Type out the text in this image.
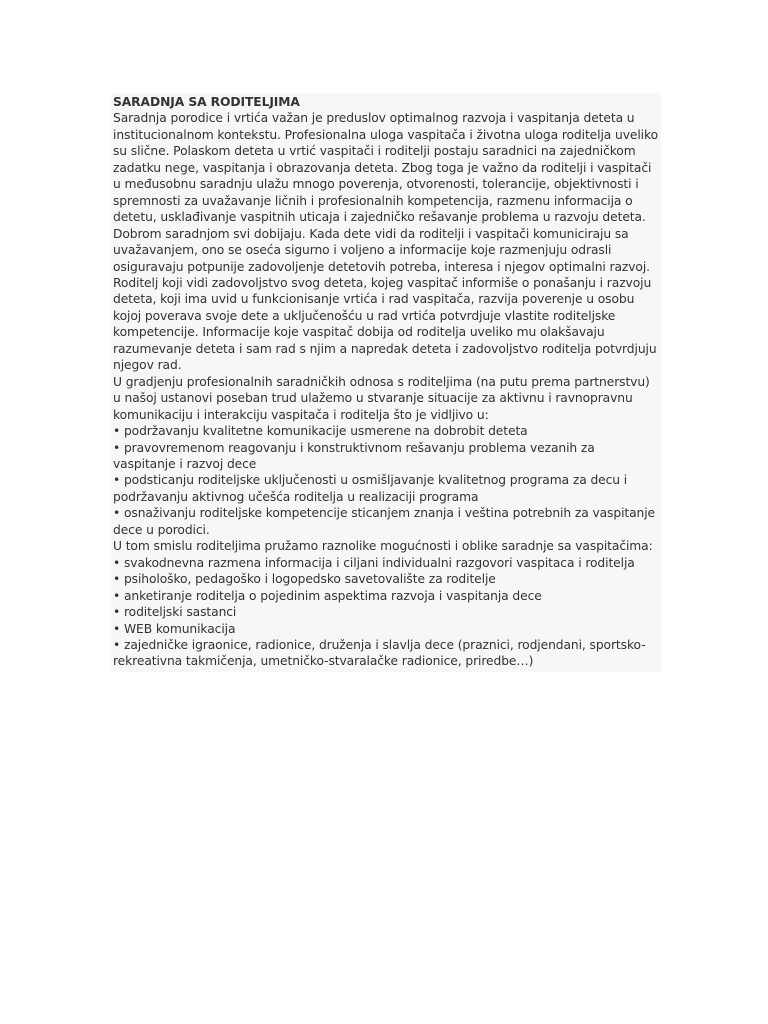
SARADNJA SA RODITELJIMA
Saradnja porodice i vrtića važan je preduslov optimalnog razvoja i vaspitanja deteta u institucionalnom kontekstu. Profesionalna uloga vaspitača i životna uloga roditelja uveliko su slične. Polaskom deteta u vrtić vaspitači i roditelji postaju saradnici na zajedničkom zadatku nege, vaspitanja i obrazovanja deteta. Zbog toga je važno da roditelji i vaspitači u međusobnu saradnju ulažu mnogo poverenja, otvorenosti, tolerancije, objektivnosti i spremnosti za uvažavanje ličnih i profesionalnih kompetencija, razmenu informacija o detetu, usklađivanje vaspitnih uticaja i zajedničko rešavanje problema u razvoju deteta. Dobrom saradnjom svi dobijaju. Kada dete vidi da roditelji i vaspitači komuniciraju sa uvažavanjem, ono se oseća sigurno i voljeno a informacije koje razmenjuju odrasli osiguravaju potpunije zadovoljenje detetovih potreba, interesa i njegov optimalni razvoj. Roditelj koji vidi zadovoljstvo svog deteta, kojeg vaspitač informiše o ponašanju i razvoju deteta, koji ima uvid u funkcionisanje vrtića i rad vaspitača, razvija poverenje u osobu kojoj poverava svoje dete a uključenošću u rad vrtića potvrdjuje vlastite roditeljske kompetencije. Informacije koje vaspitač dobija od roditelja uveliko mu olakšavaju razumevanje deteta i sam rad s njim a napredak deteta i zadovoljstvo roditelja potvrdjuju njegov rad.
U gradjenju profesionalnih saradničkih odnosa s roditeljima (na putu prema partnerstvu) u našoj ustanovi poseban trud ulažemo u stvaranje situacije za aktivnu i ravnopravnu komunikaciju i interakciju vaspitača i roditelja što je vidljivo u:
• podržavanju kvalitetne komunikacije usmerene na dobrobit deteta
• pravovremenom reagovanju i konstruktivnom rešavanju problema vezanih za vaspitanje i razvoj dece
• podsticanju roditeljske uključenosti u osmišljavanje kvalitetnog programa za decu i podržavanju aktivnog učešća roditelja u realizaciji programa
• osnaživanju roditeljske kompetencije sticanjem znanja i veština potrebnih za vaspitanje dece u porodici.
U tom smislu roditeljima pružamo raznolike mogućnosti i oblike saradnje sa vaspitačima:
• svakodnevna razmena informacija i ciljani individualni razgovori vaspitaca i roditelja
• psihološko, pedagoško i logopedsko savetovalište za roditelje
• anketiranje roditelja o pojedinim aspektima razvoja i vaspitanja dece
• roditeljski sastanci
• WEB komunikacija
• zajedničke igraonice, radionice, druženja i slavlja dece (praznici, rodjendani, sportsko-rekreativna takmičenja, umetničko-stvaralačke radionice, priredbe…)
